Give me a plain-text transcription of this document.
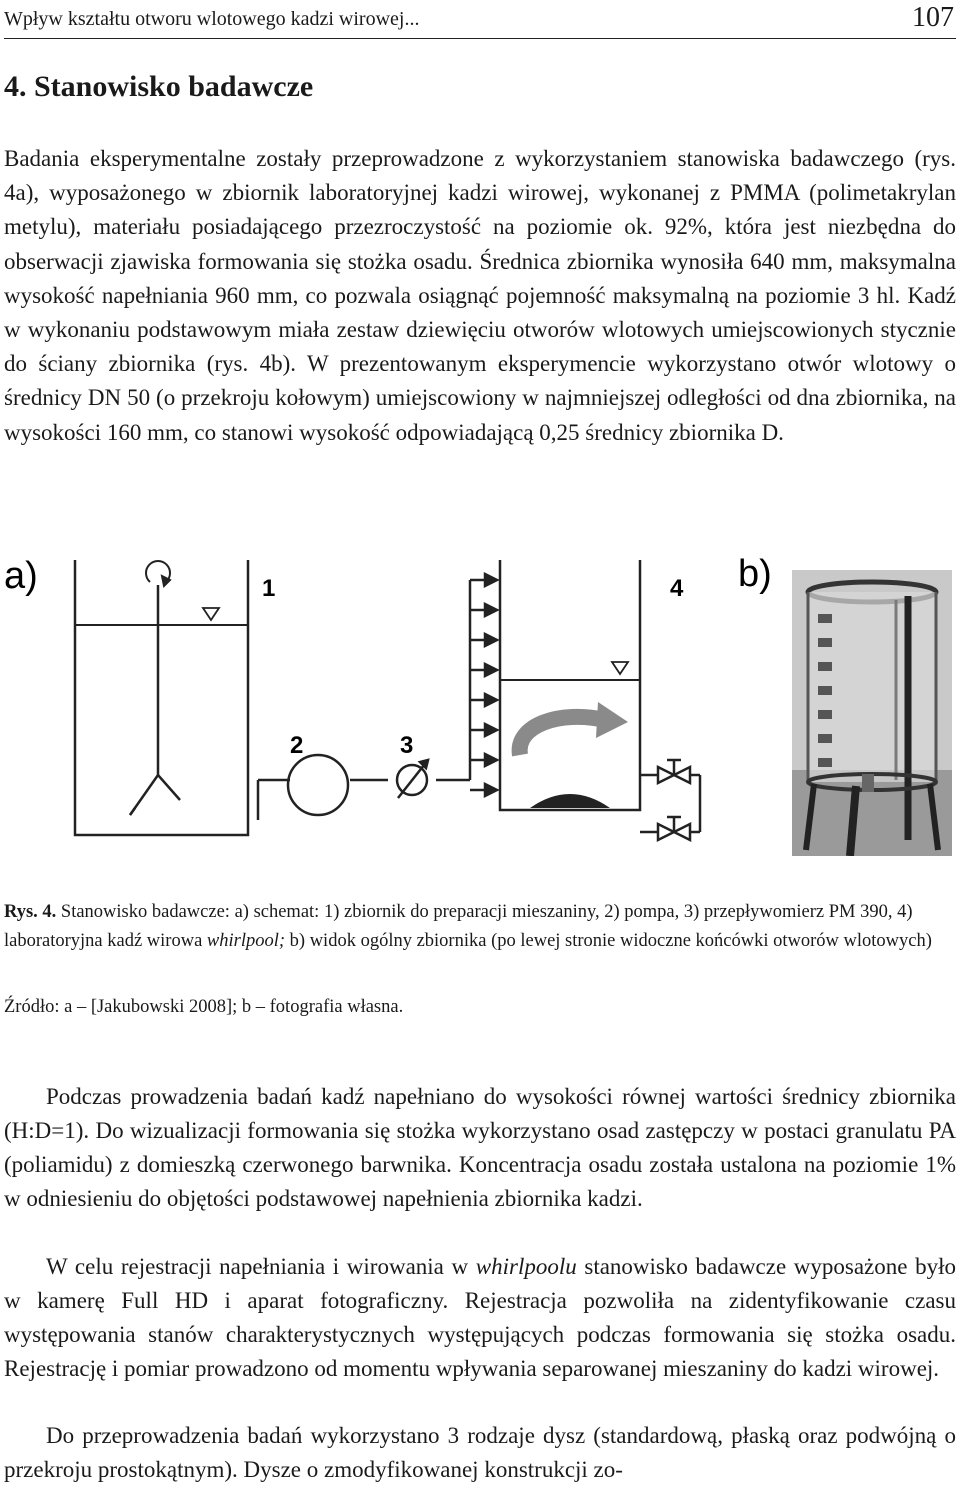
Wpływ kształtu otworu wlotowego kadzi wirowej...	107
4. Stanowisko badawcze

Badania eksperymentalne zostały przeprowadzone z wykorzystaniem stanowiska badawczego (rys. 4a), wyposażonego w zbiornik laboratoryjnej kadzi wirowej, wykonanej z PMMA (polimetakrylan metylu), materiału posiadającego przezroczystość na poziomie ok. 92%, która jest niezbędna do obserwacji zjawiska formowania się stożka osadu. Średnica zbiornika wynosiła 640 mm, maksymalna wysokość napełniania 960 mm, co pozwala osiągnąć pojemność maksymalną na poziomie 3 hl. Kadź w wykonaniu podstawowym miała zestaw dziewięciu otworów wlotowych umiejscowionych stycznie do ściany zbiornika (rys. 4b). W prezentowanym eksperymencie wykorzystano otwór wlotowy o średnicy DN 50 (o przekroju kołowym) umiejscowiony w najmniejszej odległości od dna zbiornika, na wysokości 160 mm, co stanowi wysokość odpowiadającą 0,25 średnicy zbiornika D.

a)	b)
1
2	3
4

Rys. 4. Stanowisko badawcze: a) schemat: 1) zbiornik do preparacji mieszaniny, 2) pompa, 3) przepływomierz PM 390, 4) laboratoryjna kadź wirowa whirlpool; b) widok ogólny zbiornika (po lewej stronie widoczne końcówki otworów wlotowych)

Źródło: a – [Jakubowski 2008]; b – fotografia własna.

Podczas prowadzenia badań kadź napełniano do wysokości równej wartości średnicy zbiornika (H:D=1). Do wizualizacji formowania się stożka wykorzystano osad zastępczy w postaci granulatu PA (poliamidu) z domieszką czerwonego barwnika. Koncentracja osadu została ustalona na poziomie 1% w odniesieniu do objętości podstawowej napełnienia zbiornika kadzi.

W celu rejestracji napełniania i wirowania w whirlpoolu stanowisko badawcze wyposażone było w kamerę Full HD i aparat fotograficzny. Rejestracja pozwoliła na zidentyfikowanie czasu występowania stanów charakterystycznych występujących podczas formowania się stożka osadu. Rejestrację i pomiar prowadzono od momentu wpływania separowanej mieszaniny do kadzi wirowej.

Do przeprowadzenia badań wykorzystano 3 rodzaje dysz (standardową, płaską oraz podwójną o przekroju prostokątnym). Dysze o zmodyfikowanej konstrukcji zo-
